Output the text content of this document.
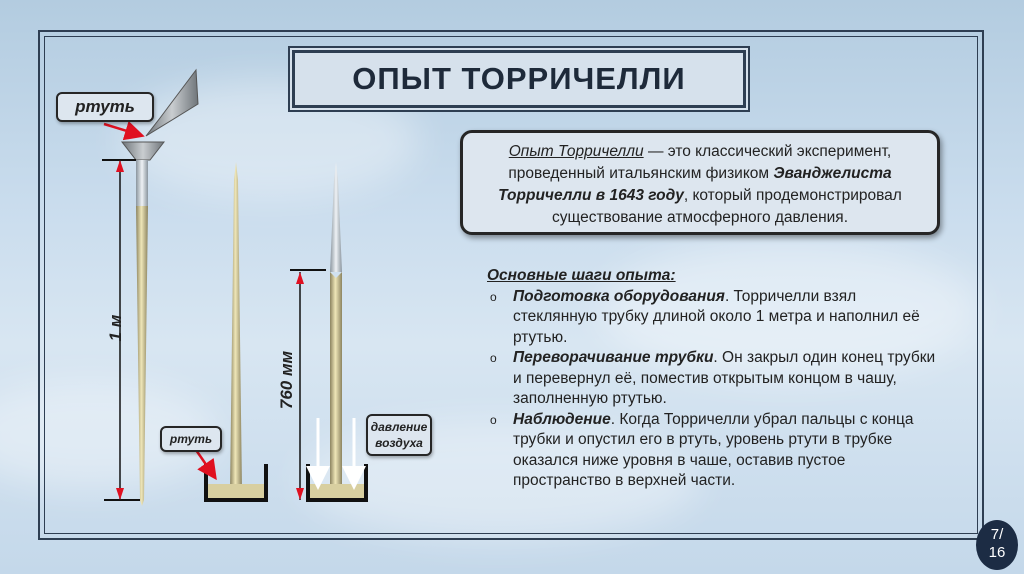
ОПЫТ ТОРРИЧЕЛЛИ
Опыт Торричелли — это классический эксперимент, проведенный итальянским физиком Эванджелиста Торричелли в 1643 году, который продемонстрировал существование атмосферного давления.
Основные шаги опыта:
o Подготовка оборудования. Торричелли взял стеклянную трубку длиной около 1 метра и наполнил её ртутью.
o Переворачивание трубки. Он закрыл один конец трубки и перевернул её, поместив открытым концом в чашу, заполненную ртутью.
o Наблюдение. Когда Торричелли убрал пальцы с конца трубки и опустил его в ртуть, уровень ртути в трубке оказался ниже уровня в чаше, оставив пустое пространство в верхней части.
ртуть
ртуть
давление воздуха
1 м
760 мм
7/
16
